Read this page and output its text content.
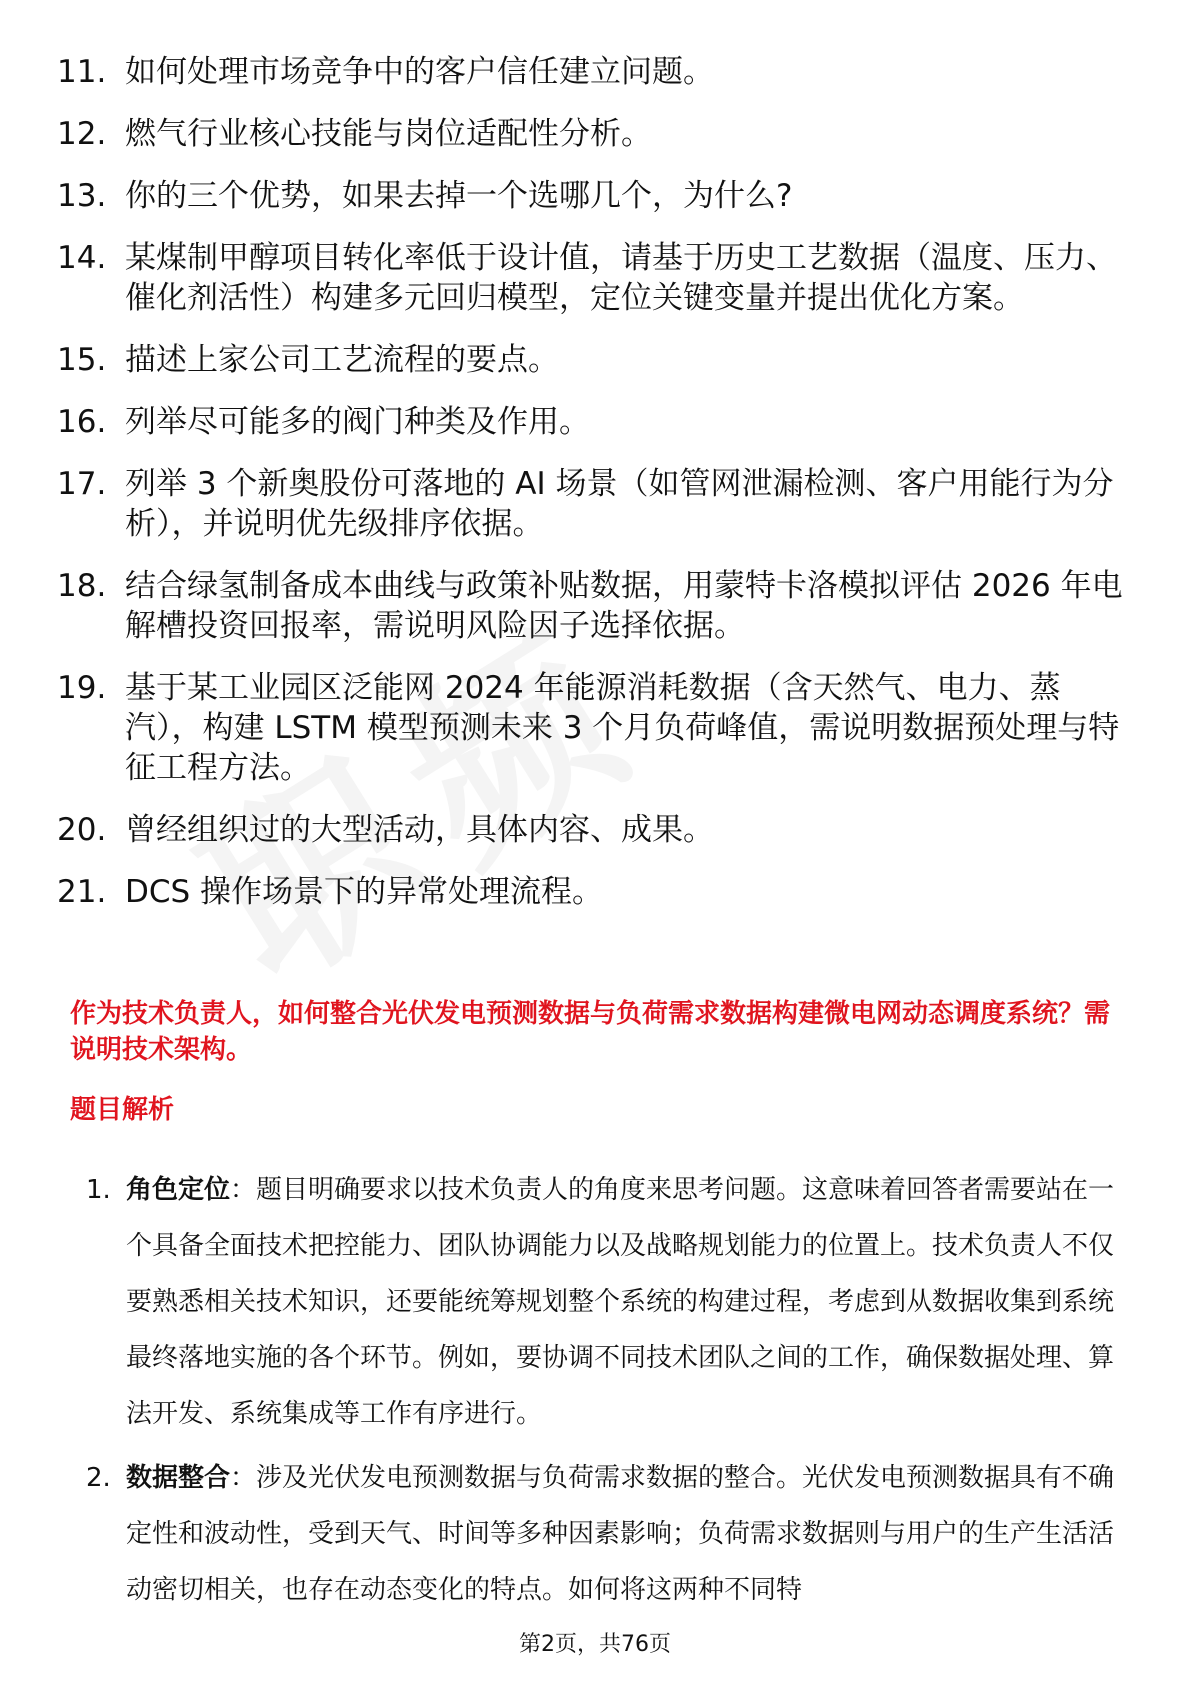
11. 如何处理市场竞争中的客户信任建立问题。
12. 燃气行业核心技能与岗位适配性分析。
13. 你的三个优势，如果去掉一个选哪几个，为什么?
14. 某煤制甲醇项目转化率低于设计值，请基于历史工艺数据（温度、压力、催化剂活性）构建多元回归模型，定位关键变量并提出优化方案。
15. 描述上家公司工艺流程的要点。
16. 列举尽可能多的阀门种类及作用。
17. 列举 3 个新奥股份可落地的 AI 场景（如管网泄漏检测、客户用能行为分析），并说明优先级排序依据。
18. 结合绿氢制备成本曲线与政策补贴数据，用蒙特卡洛模拟评估 2026 年电解槽投资回报率，需说明风险因子选择依据。
19. 基于某工业园区泛能网 2024 年能源消耗数据（含天然气、电力、蒸汽），构建 LSTM 模型预测未来 3 个月负荷峰值，需说明数据预处理与特征工程方法。
20. 曾经组织过的大型活动，具体内容、成果。
21. DCS 操作场景下的异常处理流程。
作为技术负责人，如何整合光伏发电预测数据与负荷需求数据构建微电网动态调度系统？需说明技术架构。
题目解析
1. 角色定位：题目明确要求以技术负责人的角度来思考问题。这意味着回答者需要站在一个具备全面技术把控能力、团队协调能力以及战略规划能力的位置上。技术负责人不仅要熟悉相关技术知识，还要能统筹规划整个系统的构建过程，考虑到从数据收集到系统最终落地实施的各个环节。例如，要协调不同技术团队之间的工作，确保数据处理、算法开发、系统集成等工作有序进行。
2. 数据整合：涉及光伏发电预测数据与负荷需求数据的整合。光伏发电预测数据具有不确定性和波动性，受到天气、时间等多种因素影响；负荷需求数据则与用户的生产生活活动密切相关，也存在动态变化的特点。如何将这两种不同特
第2页，共76页
